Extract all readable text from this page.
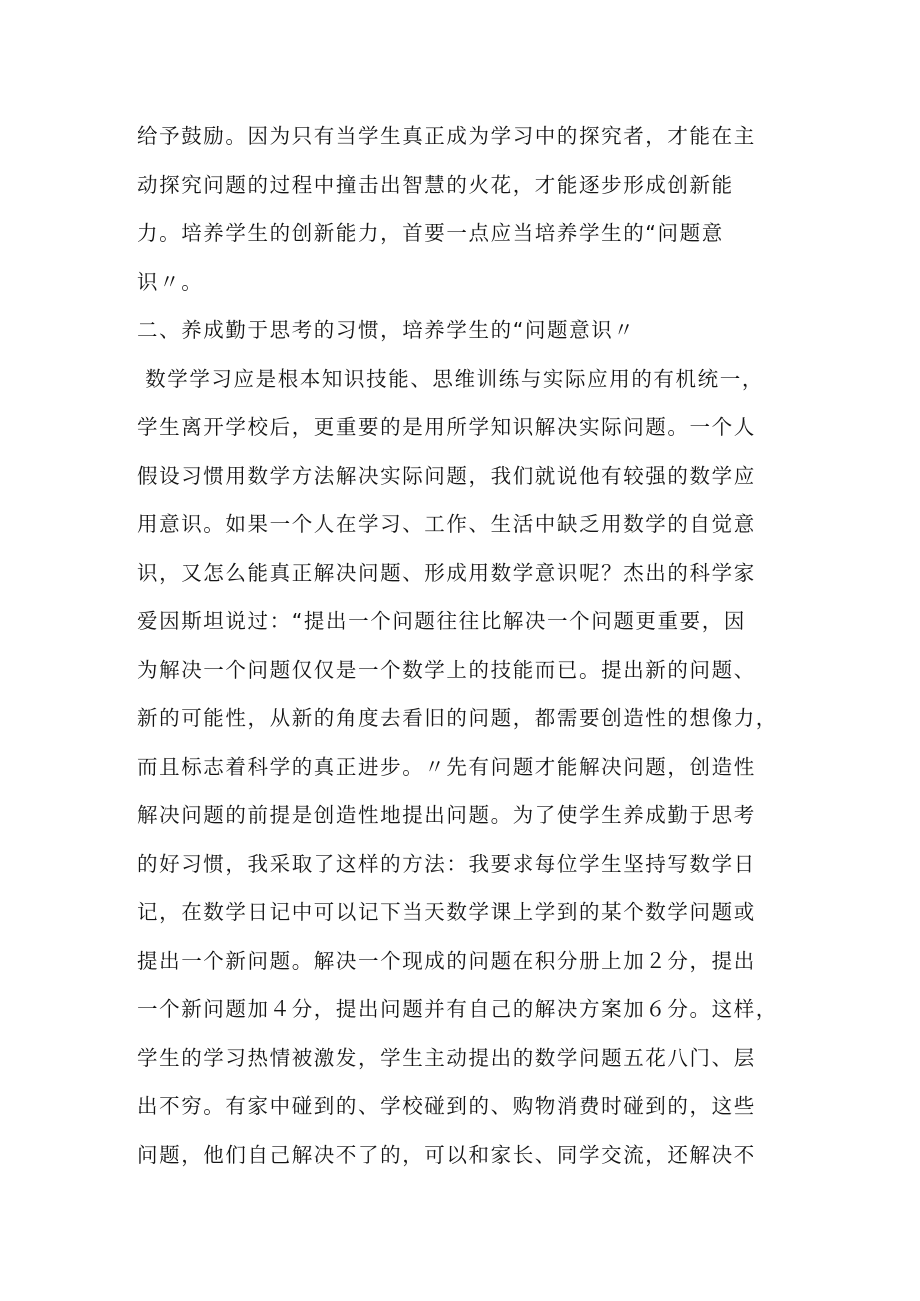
给予鼓励。因为只有当学生真正成为学习中的探究者，才能在主
动探究问题的过程中撞击出智慧的火花，才能逐步形成创新能
力。培养学生的创新能力，首要一点应当培养学生的“问题意
识〃。
二、养成勤于思考的习惯，培养学生的“问题意识〃
数学学习应是根本知识技能、思维训练与实际应用的有机统一，
学生离开学校后，更重要的是用所学知识解决实际问题。一个人
假设习惯用数学方法解决实际问题，我们就说他有较强的数学应
用意识。如果一个人在学习、工作、生活中缺乏用数学的自觉意
识，又怎么能真正解决问题、形成用数学意识呢？杰出的科学家
爱因斯坦说过：“提出一个问题往往比解决一个问题更重要，因
为解决一个问题仅仅是一个数学上的技能而已。提出新的问题、
新的可能性，从新的角度去看旧的问题，都需要创造性的想像力，
而且标志着科学的真正进步。〃先有问题才能解决问题，创造性
解决问题的前提是创造性地提出问题。为了使学生养成勤于思考
的好习惯，我采取了这样的方法：我要求每位学生坚持写数学日
记，在数学日记中可以记下当天数学课上学到的某个数学问题或
提出一个新问题。解决一个现成的问题在积分册上加２分，提出
一个新问题加４分，提出问题并有自己的解决方案加６分。这样，
学生的学习热情被激发，学生主动提出的数学问题五花八门、层
出不穷。有家中碰到的、学校碰到的、购物消费时碰到的，这些
问题，他们自己解决不了的，可以和家长、同学交流，还解决不
